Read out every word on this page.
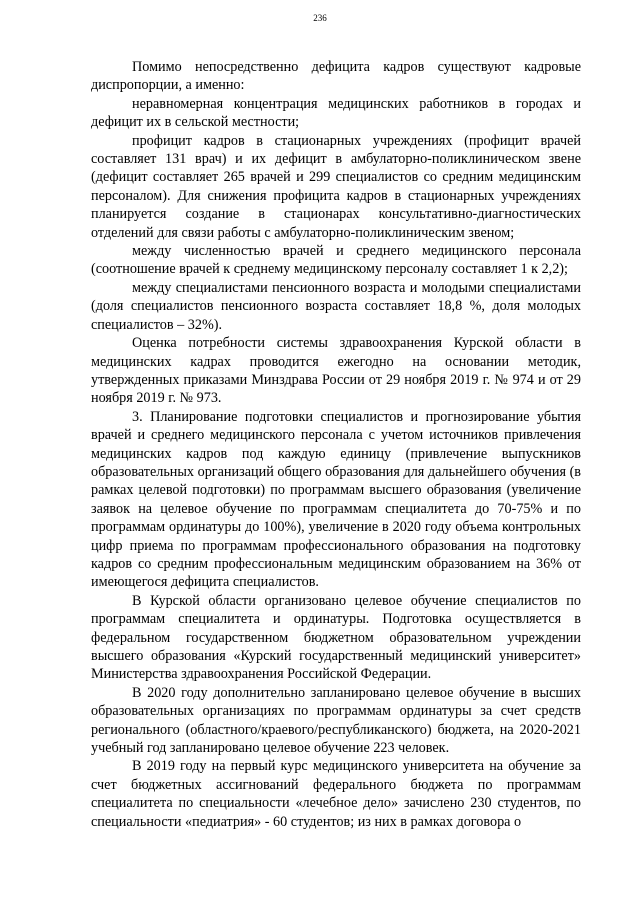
236

Помимо непосредственно дефицита кадров существуют кадровые диспропорции, а именно:

неравномерная концентрация медицинских работников в городах и дефицит их в сельской местности;

профицит кадров в стационарных учреждениях (профицит врачей составляет 131 врач) и их дефицит в амбулаторно-поликлиническом звене (дефицит составляет 265 врачей и 299 специалистов со средним медицинским персоналом). Для снижения профицита кадров в стационарных учреждениях планируется создание в стационарах консультативно-диагностических отделений для связи работы с амбулаторно-поликлиническим звеном;

между численностью врачей и среднего медицинского персонала (соотношение врачей к среднему медицинскому персоналу составляет 1 к 2,2);

между специалистами пенсионного возраста и молодыми специалистами (доля специалистов пенсионного возраста составляет 18,8 %, доля молодых специалистов – 32%).

Оценка потребности системы здравоохранения Курской области в медицинских кадрах проводится ежегодно на основании методик, утвержденных приказами Минздрава России от 29 ноября 2019 г. № 974 и от 29 ноября 2019 г. № 973.

3. Планирование подготовки специалистов и прогнозирование убытия врачей и среднего медицинского персонала с учетом источников привлечения медицинских кадров под каждую единицу (привлечение выпускников образовательных организаций общего образования для дальнейшего обучения (в рамках целевой подготовки) по программам высшего образования (увеличение заявок на целевое обучение по программам специалитета до 70-75% и по программам ординатуры до 100%), увеличение в 2020 году объема контрольных цифр приема по программам профессионального образования на подготовку кадров со средним профессиональным медицинским образованием на 36% от имеющегося дефицита специалистов.

В Курской области организовано целевое обучение специалистов по программам специалитета и ординатуры. Подготовка осуществляется в федеральном государственном бюджетном образовательном учреждении высшего образования «Курский государственный медицинский университет» Министерства здравоохранения Российской Федерации.

В 2020 году дополнительно запланировано целевое обучение в высших образовательных организациях по программам ординатуры за счет средств регионального (областного/краевого/республиканского) бюджета, на 2020-2021 учебный год запланировано целевое обучение 223 человек.

В 2019 году на первый курс медицинского университета на обучение за счет бюджетных ассигнований федерального бюджета по программам специалитета по специальности «лечебное дело» зачислено 230 студентов, по специальности «педиатрия» - 60 студентов; из них в рамках договора о
